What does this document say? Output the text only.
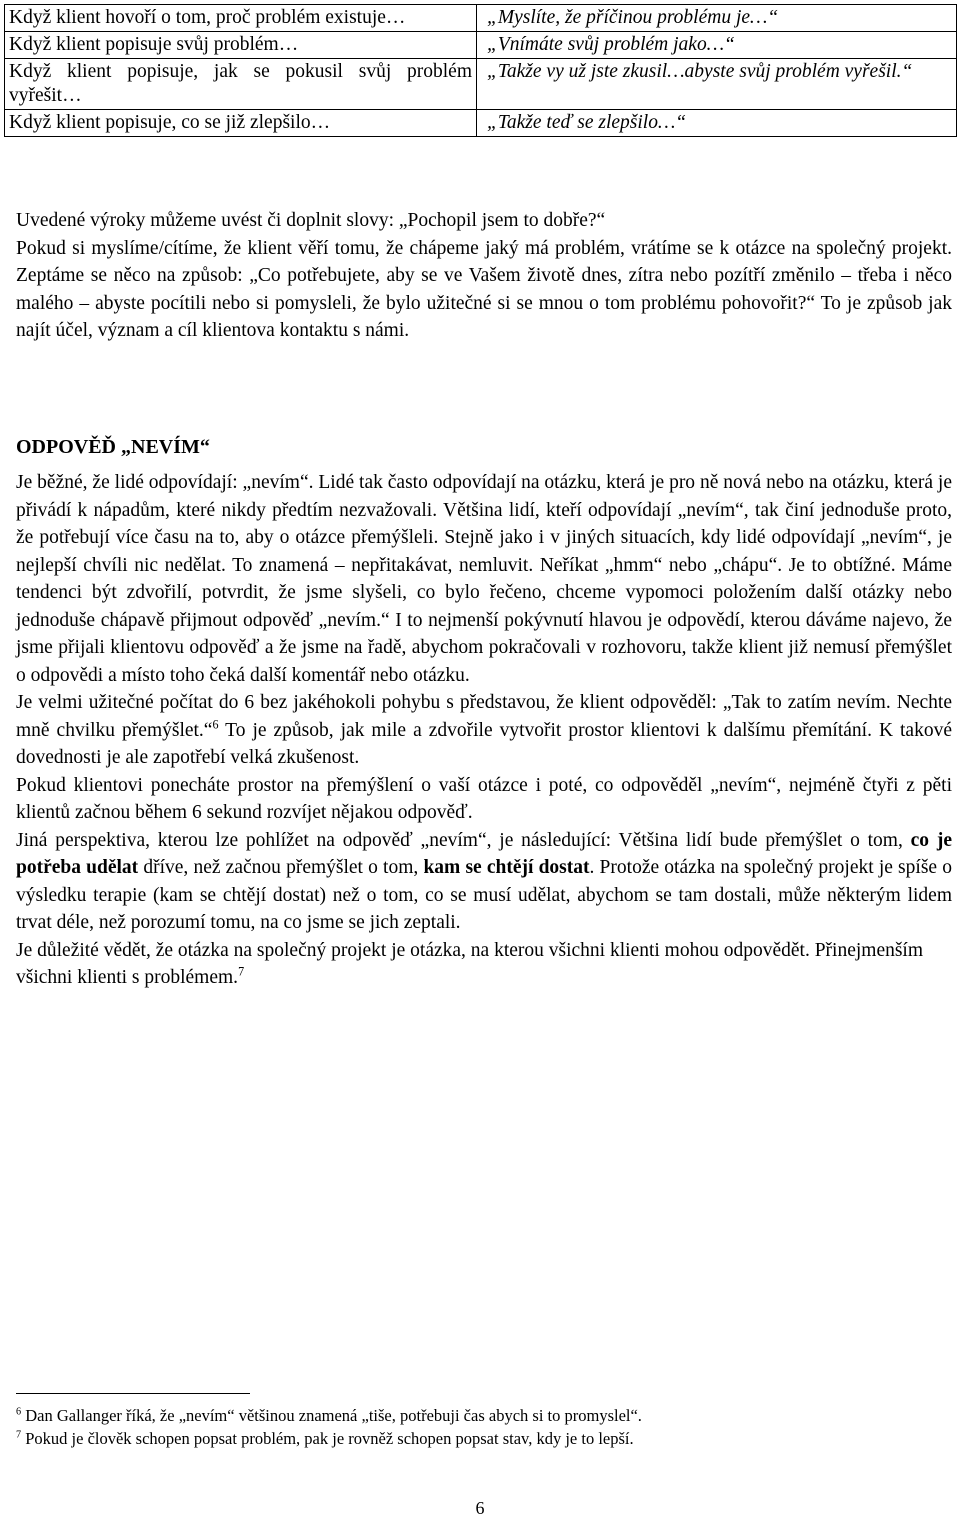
Když klient hovoří o tom, proč problém existuje…	„Myslíte, že příčinou problému je…“
Když klient popisuje svůj problém…	„Vnímáte svůj problém jako…“
Když klient popisuje, jak se pokusil svůj problém vyřešit…	„Takže vy už jste zkusil…abyste svůj problém vyřešil.“
Když klient popisuje, co se již zlepšilo…	„Takže teď se zlepšilo…“

Uvedené výroky můžeme uvést či doplnit slovy: „Pochopil jsem to dobře?“

Pokud si myslíme/cítíme, že klient věří tomu, že chápeme jaký má problém, vrátíme se k otázce na společný projekt. Zeptáme se něco na způsob: „Co potřebujete, aby se ve Vašem životě dnes, zítra nebo pozítří změnilo – třeba i něco malého – abyste pocítili nebo si pomysleli, že bylo užitečné si se mnou o tom problému pohovořit?“ To je způsob jak najít účel, význam a cíl klientova kontaktu s námi.

ODPOVĚĎ „NEVÍM“

Je běžné, že lidé odpovídají: „nevím“. Lidé tak často odpovídají na otázku, která je pro ně nová nebo na otázku, která je přivádí k nápadům, které nikdy předtím nezvažovali. Většina lidí, kteří odpovídají „nevím“, tak činí jednoduše proto, že potřebují více času na to, aby o otázce přemýšleli. Stejně jako i v jiných situacích, kdy lidé odpovídají „nevím“, je nejlepší chvíli nic nedělat. To znamená – nepřitakávat, nemluvit. Neříkat „hmm“ nebo „chápu“. Je to obtížné. Máme tendenci být zdvořilí, potvrdit, že jsme slyšeli, co bylo řečeno, chceme vypomoci položením další otázky nebo jednoduše chápavě přijmout odpověď „nevím.“ I to nejmenší pokývnutí hlavou je odpovědí, kterou dáváme najevo, že jsme přijali klientovu odpověď a že jsme na řadě, abychom pokračovali v rozhovoru, takže klient již nemusí přemýšlet o odpovědi a místo toho čeká další komentář nebo otázku.

Je velmi užitečné počítat do 6 bez jakéhokoli pohybu s představou, že klient odpověděl: „Tak to zatím nevím. Nechte mně chvilku přemýšlet.“$^6$ To je způsob, jak mile a zdvořile vytvořit prostor klientovi k dalšímu přemítání. K takové dovednosti je ale zapotřebí velká zkušenost.

Pokud klientovi ponecháte prostor na přemýšlení o vaší otázce i poté, co odpověděl „nevím“, nejméně čtyři z pěti klientů začnou během 6 sekund rozvíjet nějakou odpověď.

Jiná perspektiva, kterou lze pohlížet na odpověď „nevím“, je následující: Většina lidí bude přemýšlet o tom, co je potřeba udělat dříve, než začnou přemýšlet o tom, kam se chtějí dostat. Protože otázka na společný projekt je spíše o výsledku terapie (kam se chtějí dostat) než o tom, co se musí udělat, abychom se tam dostali, může některým lidem trvat déle, než porozumí tomu, na co jsme se jich zeptali.

Je důležité vědět, že otázka na společný projekt je otázka, na kterou všichni klienti mohou odpovědět. Přinejmenším všichni klienti s problémem.$^7$

$^6$ Dan Gallanger říká, že „nevím“ většinou znamená „tiše, potřebuji čas abych si to promyslel“.

$^7$ Pokud je člověk schopen popsat problém, pak je rovněž schopen popsat stav, kdy je to lepší.

6
